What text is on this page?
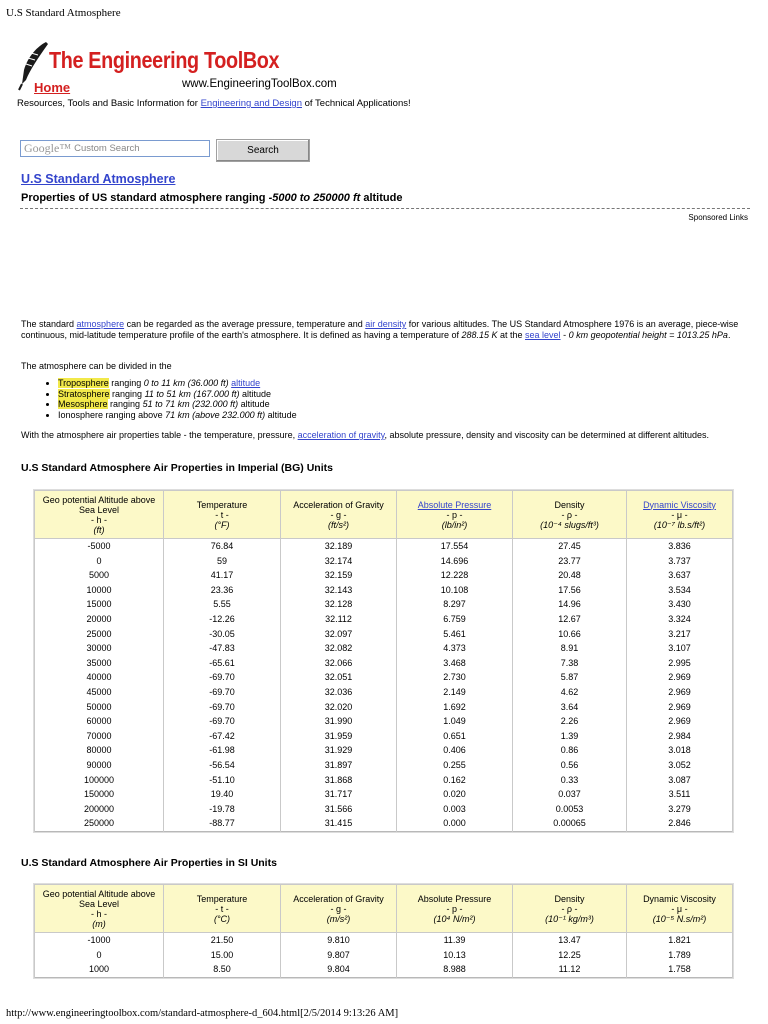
U.S Standard Atmosphere
The Engineering ToolBox
www.EngineeringToolBox.com
Home
Resources, Tools and Basic Information for Engineering and Design of Technical Applications!
Google™ Custom Search	Search
U.S Standard Atmosphere
Properties of US standard atmosphere ranging -5000 to 250000 ft altitude
Sponsored Links
The standard atmosphere can be regarded as the average pressure, temperature and air density for various altitudes. The US Standard Atmosphere 1976 is an average, piece-wise continuous, mid-latitude temperature profile of the earth's atmosphere. It is defined as having a temperature of 288.15 K at the sea level - 0 km geopotential height = 1013.25 hPa.
The atmosphere can be divided in the
• Troposphere ranging 0 to 11 km (36.000 ft) altitude
• Stratosphere ranging 11 to 51 km (167.000 ft) altitude
• Mesosphere ranging 51 to 71 km (232.000 ft) altitude
• Ionosphere ranging above 71 km (above 232.000 ft) altitude
With the atmosphere air properties table - the temperature, pressure, acceleration of gravity, absolute pressure, density and viscosity can be determined at different altitudes.
U.S Standard Atmosphere Air Properties in Imperial (BG) Units
Geo potential Altitude above Sea Level
- h -
(ft)	Temperature
- t -
(°F)	Acceleration of Gravity
- g -
(ft/s²)	Absolute Pressure
- p -
(lb/in²)	Density
- ρ -
(10⁻⁴ slugs/ft³)	Dynamic Viscosity
- μ -
(10⁻⁷ lb.s/ft²)
-5000	76.84	32.189	17.554	27.45	3.836
0	59	32.174	14.696	23.77	3.737
5000	41.17	32.159	12.228	20.48	3.637
10000	23.36	32.143	10.108	17.56	3.534
15000	5.55	32.128	8.297	14.96	3.430
20000	-12.26	32.112	6.759	12.67	3.324
25000	-30.05	32.097	5.461	10.66	3.217
30000	-47.83	32.082	4.373	8.91	3.107
35000	-65.61	32.066	3.468	7.38	2.995
40000	-69.70	32.051	2.730	5.87	2.969
45000	-69.70	32.036	2.149	4.62	2.969
50000	-69.70	32.020	1.692	3.64	2.969
60000	-69.70	31.990	1.049	2.26	2.969
70000	-67.42	31.959	0.651	1.39	2.984
80000	-61.98	31.929	0.406	0.86	3.018
90000	-56.54	31.897	0.255	0.56	3.052
100000	-51.10	31.868	0.162	0.33	3.087
150000	19.40	31.717	0.020	0.037	3.511
200000	-19.78	31.566	0.003	0.0053	3.279
250000	-88.77	31.415	0.000	0.00065	2.846
U.S Standard Atmosphere Air Properties in SI Units
Geo potential Altitude above Sea Level
- h -
(m)	Temperature
- t -
(°C)	Acceleration of Gravity
- g -
(m/s²)	Absolute Pressure
- p -
(10⁴ N/m²)	Density
- ρ -
(10⁻¹ kg/m³)	Dynamic Viscosity
- μ -
(10⁻⁵ N.s/m²)
-1000	21.50	9.810	11.39	13.47	1.821
0	15.00	9.807	10.13	12.25	1.789
1000	8.50	9.804	8.988	11.12	1.758
http://www.engineeringtoolbox.com/standard-atmosphere-d_604.html[2/5/2014 9:13:26 AM]
